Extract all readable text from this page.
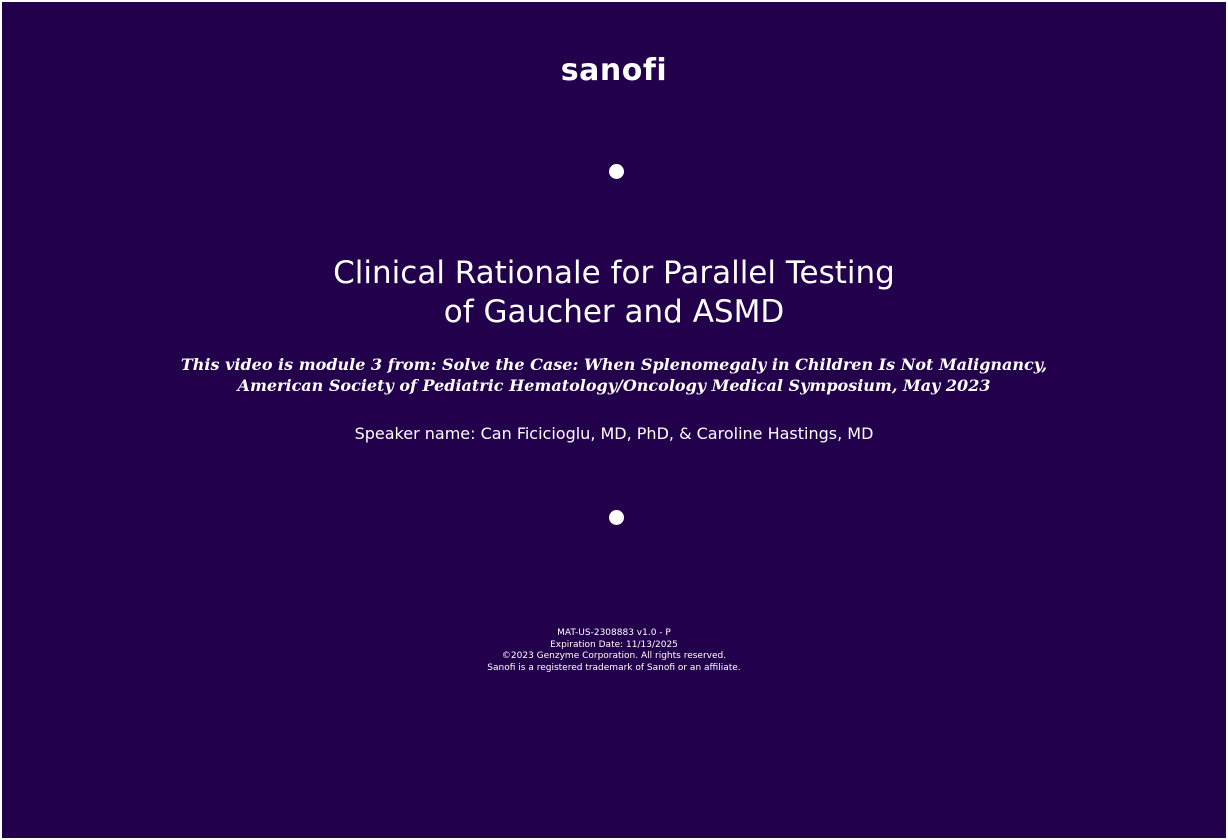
sanofi
Clinical Rationale for Parallel Testing
of Gaucher and ASMD
This video is module 3 from: Solve the Case: When Splenomegaly in Children Is Not Malignancy,
American Society of Pediatric Hematology/Oncology Medical Symposium, May 2023
Speaker name: Can Ficicioglu, MD, PhD, & Caroline Hastings, MD
MAT-US-2308883 v1.0 - P
Expiration Date: 11/13/2025
©2023 Genzyme Corporation. All rights reserved.
Sanofi is a registered trademark of Sanofi or an affiliate.
